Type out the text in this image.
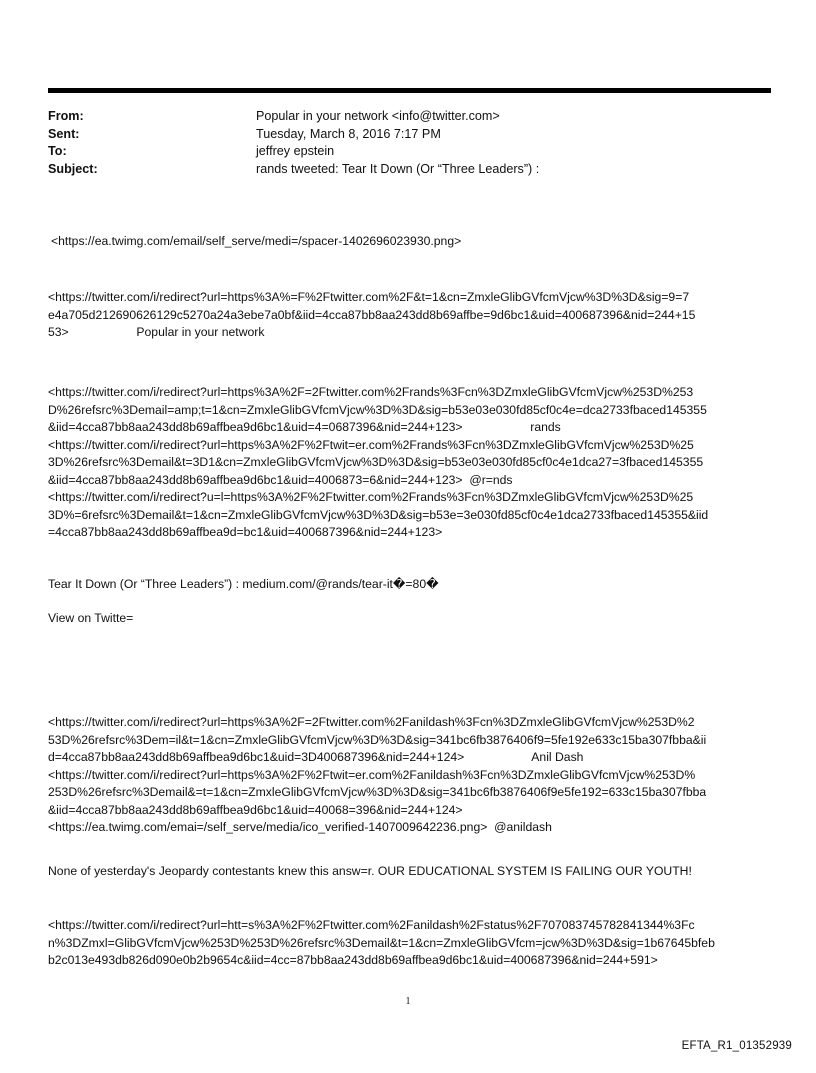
From:	Popular in your network <info@twitter.com>
Sent:	Tuesday, March 8, 2016 7:17 PM
To:	jeffrey epstein
Subject:	rands tweeted: Tear It Down (Or “Three Leaders”) :
<https://ea.twimg.com/email/self_serve/medi=/spacer-1402696023930.png>
<https://twitter.com/i/redirect?url=https%3A%=F%2Ftwitter.com%2F&t=1&cn=ZmxleGlibGVfcmVjcw%3D%3D&sig=9=7
e4a705d212690626129c5270a24a3ebe7a0bf&iid=4cca87bb8aa243dd8b69affbe=9d6bc1&uid=400687396&nid=244+15
53>                    Popular in your network
<https://twitter.com/i/redirect?url=https%3A%2F=2Ftwitter.com%2Frands%3Fcn%3DZmxleGlibGVfcmVjcw%253D%253
D%26refsrc%3Demail=amp;t=1&cn=ZmxleGlibGVfcmVjcw%3D%3D&sig=b53e03e030fd85cf0c4e=dca2733fbaced145355
&iid=4cca87bb8aa243dd8b69affbea9d6bc1&uid=4=0687396&nid=244+123>                    rands
<https://twitter.com/i/redirect?url=https%3A%2F%2Ftwit=er.com%2Frands%3Fcn%3DZmxleGlibGVfcmVjcw%253D%25
3D%26refsrc%3Demail&t=3D1&cn=ZmxleGlibGVfcmVjcw%3D%3D&sig=b53e03e030fd85cf0c4e1dca27=3fbaced145355
&iid=4cca87bb8aa243dd8b69affbea9d6bc1&uid=4006873=6&nid=244+123>  @r=nds
<https://twitter.com/i/redirect?u=l=https%3A%2F%2Ftwitter.com%2Frands%3Fcn%3DZmxleGlibGVfcmVjcw%253D%25
3D%=6refsrc%3Demail&t=1&cn=ZmxleGlibGVfcmVjcw%3D%3D&sig=b53e=3e030fd85cf0c4e1dca2733fbaced145355&iid
=4cca87bb8aa243dd8b69affbea9d=bc1&uid=400687396&nid=244+123>
Tear It Down (Or “Three Leaders”) : medium.com/@rands/tear-it�=80�
View on Twitte=
<https://twitter.com/i/redirect?url=https%3A%2F=2Ftwitter.com%2Fanildash%3Fcn%3DZmxleGlibGVfcmVjcw%253D%2
53D%26refsrc%3Dem=il&t=1&cn=ZmxleGlibGVfcmVjcw%3D%3D&sig=341bc6fb3876406f9=5fe192e633c15ba307fbba&ii
d=4cca87bb8aa243dd8b69affbea9d6bc1&uid=3D400687396&nid=244+124>                    Anil Dash
<https://twitter.com/i/redirect?url=https%3A%2F%2Ftwit=er.com%2Fanildash%3Fcn%3DZmxleGlibGVfcmVjcw%253D%
253D%26refsrc%3Demail&=t=1&cn=ZmxleGlibGVfcmVjcw%3D%3D&sig=341bc6fb3876406f9e5fe192=633c15ba307fbba
&iid=4cca87bb8aa243dd8b69affbea9d6bc1&uid=40068=396&nid=244+124>
<https://ea.twimg.com/emai=/self_serve/media/ico_verified-1407009642236.png>  @anildash
None of yesterday's Jeopardy contestants knew this answ=r. OUR EDUCATIONAL SYSTEM IS FAILING OUR YOUTH!
<https://twitter.com/i/redirect?url=htt=s%3A%2F%2Ftwitter.com%2Fanildash%2Fstatus%2F707083745782841344%3Fc
n%3DZmxl=GlibGVfcmVjcw%253D%253D%26refsrc%3Demail&t=1&cn=ZmxleGlibGVfcm=jcw%3D%3D&sig=1b67645bfeb
b2c013e493db826d090e0b2b9654c&iid=4cc=87bb8aa243dd8b69affbea9d6bc1&uid=400687396&nid=244+591>
1
EFTA_R1_01352939
